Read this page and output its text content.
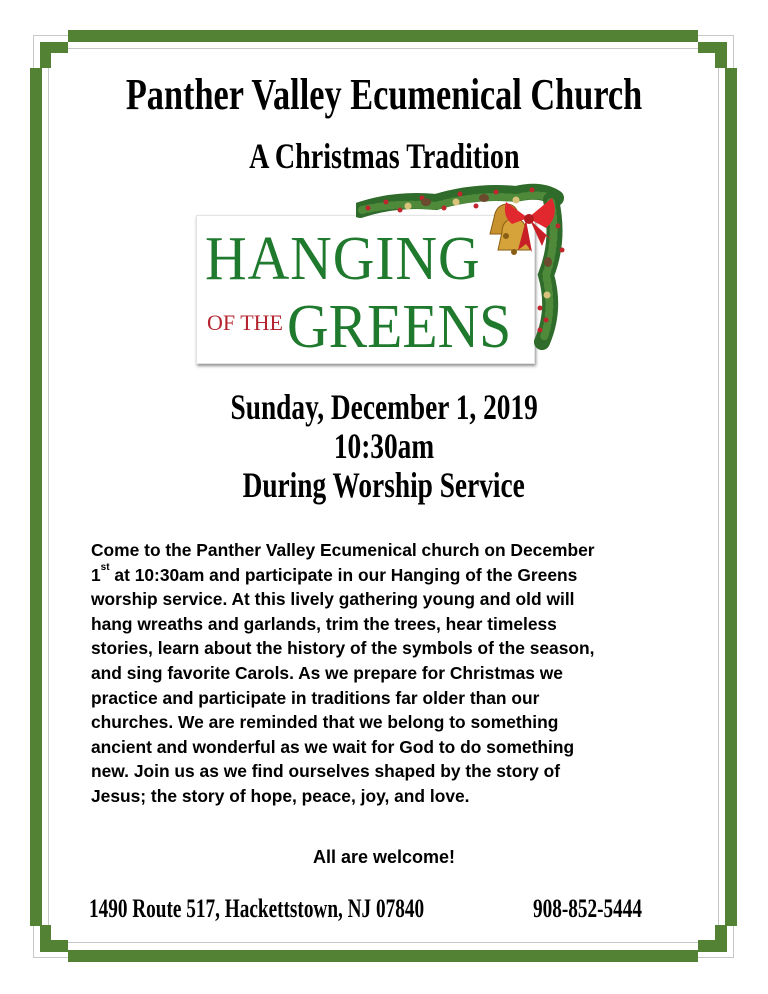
Panther Valley Ecumenical Church
A Christmas Tradition
HANGING
OF THEGREENS
Sunday, December 1, 2019
10:30am
During Worship Service
Come to the Panther Valley Ecumenical church on December
1st at 10:30am and participate in our Hanging of the Greens
worship service. At this lively gathering young and old will
hang wreaths and garlands, trim the trees, hear timeless
stories, learn about the history of the symbols of the season,
and sing favorite Carols. As we prepare for Christmas we
practice and participate in traditions far older than our
churches. We are reminded that we belong to something
ancient and wonderful as we wait for God to do something
new. Join us as we find ourselves shaped by the story of
Jesus; the story of hope, peace, joy, and love.
All are welcome!
1490 Route 517, Hackettstown, NJ 07840	908-852-5444
